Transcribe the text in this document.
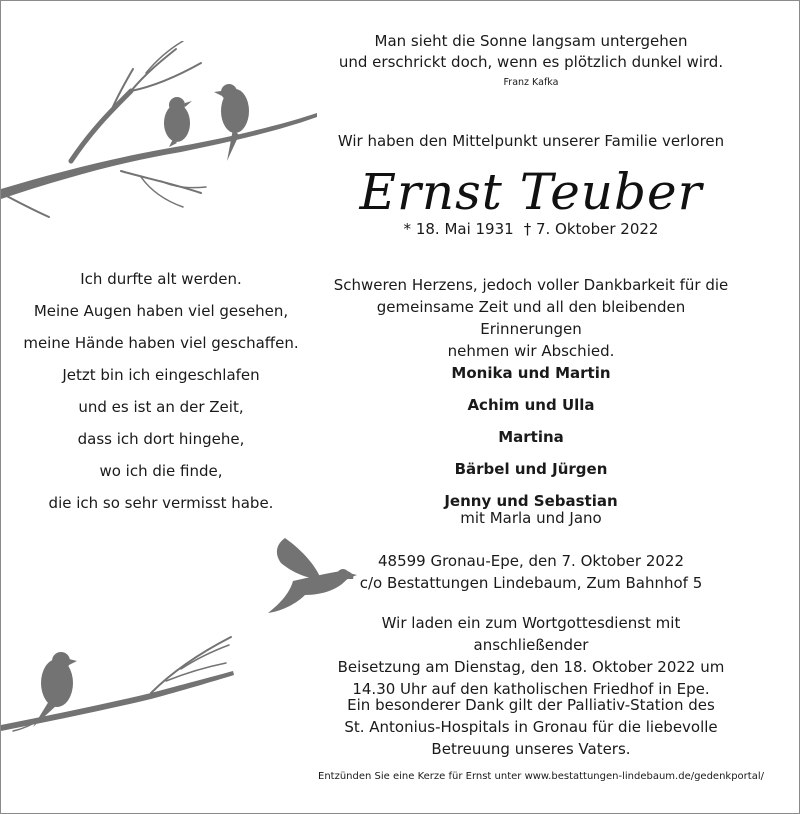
Man sieht die Sonne langsam untergehen
und erschrickt doch, wenn es plötzlich dunkel wird.
Franz Kafka
Wir haben den Mittelpunkt unserer Familie verloren
Ernst Teuber
* 18. Mai 1931 † 7. Oktober 2022
Ich durfte alt werden.
Meine Augen haben viel gesehen,
meine Hände haben viel geschaffen.
Jetzt bin ich eingeschlafen
und es ist an der Zeit,
dass ich dort hingehe,
wo ich die finde,
die ich so sehr vermisst habe.
Schweren Herzens, jedoch voller Dankbarkeit für die
gemeinsame Zeit und all den bleibenden Erinnerungen
nehmen wir Abschied.
Monika und Martin
Achim und Ulla
Martina
Bärbel und Jürgen
Jenny und Sebastian
mit Marla und Jano
48599 Gronau-Epe, den 7. Oktober 2022
c/o Bestattungen Lindebaum, Zum Bahnhof 5
Wir laden ein zum Wortgottesdienst mit anschließender
Beisetzung am Dienstag, den 18. Oktober 2022 um
14.30 Uhr auf den katholischen Friedhof in Epe.
Ein besonderer Dank gilt der Palliativ-Station des
St. Antonius-Hospitals in Gronau für die liebevolle
Betreuung unseres Vaters.
Entzünden Sie eine Kerze für Ernst unter www.bestattungen-lindebaum.de/gedenkportal/
